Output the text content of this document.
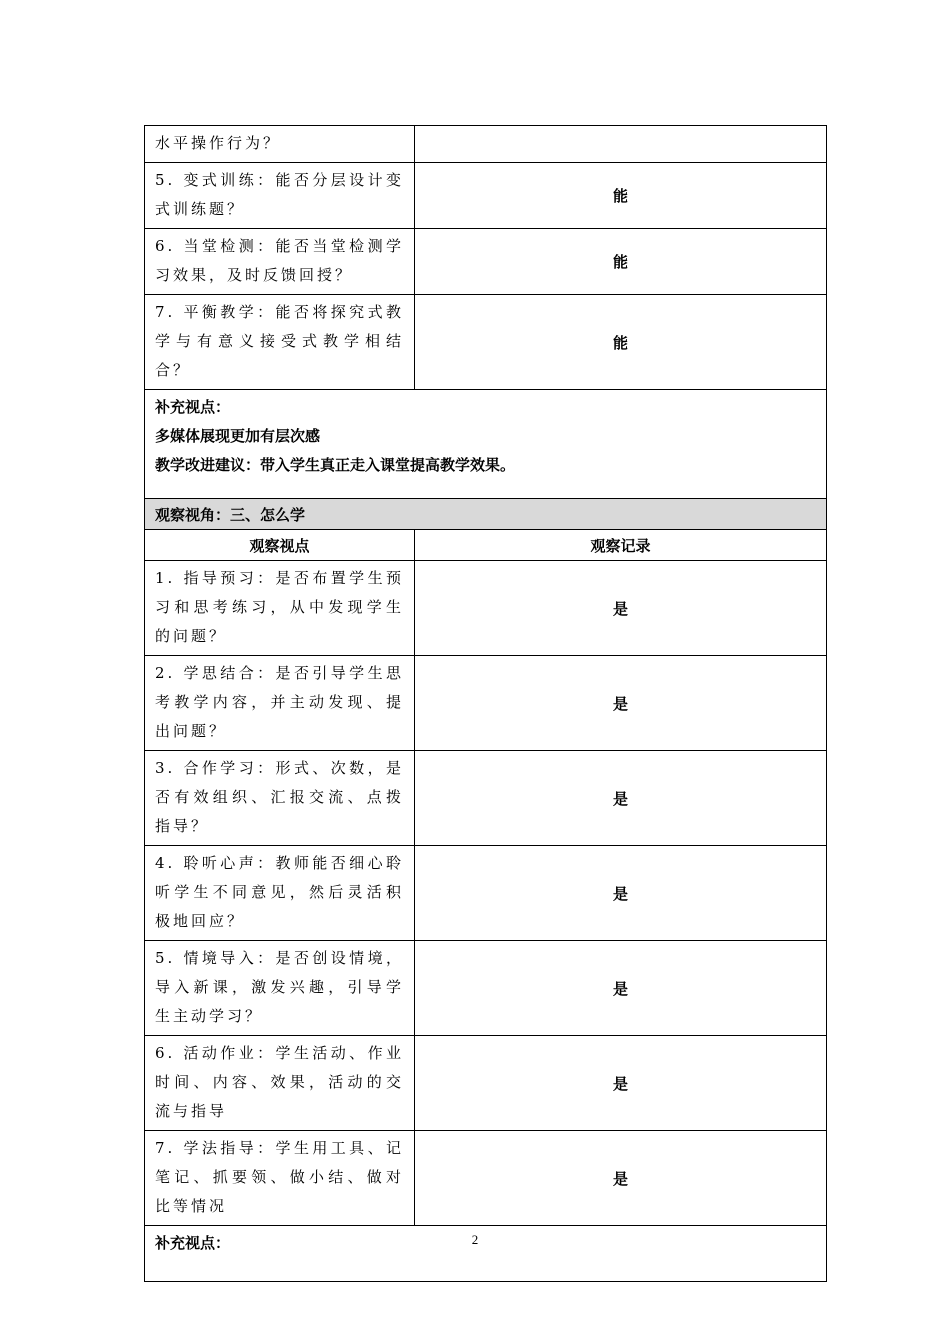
水平操作行为？	
5. 变式训练：能否分层设计变式训练题？	能
6. 当堂检测：能否当堂检测学习效果，及时反馈回授？	能
7. 平衡教学：能否将探究式教学与有意义接受式教学相结合？	能

补充视点：
多媒体展现更加有层次感
教学改进建议：带入学生真正走入课堂提高教学效果。	

观察视角：三、怎么学	
观察视点	观察记录
1. 指导预习：是否布置学生预习和思考练习，从中发现学生的问题？	是
2. 学思结合：是否引导学生思考教学内容，并主动发现、提出问题？	是
3. 合作学习：形式、次数，是否有效组织、汇报交流、点拨指导？	是
4. 聆听心声：教师能否细心聆听学生不同意见，然后灵活积极地回应？	是
5. 情境导入：是否创设情境，导入新课，激发兴趣，引导学生主动学习？	是
6. 活动作业：学生活动、作业时间、内容、效果，活动的交流与指导	是
7. 学法指导：学生用工具、记笔记、抓要领、做小结、做对比等情况	是
补充视点：		2
